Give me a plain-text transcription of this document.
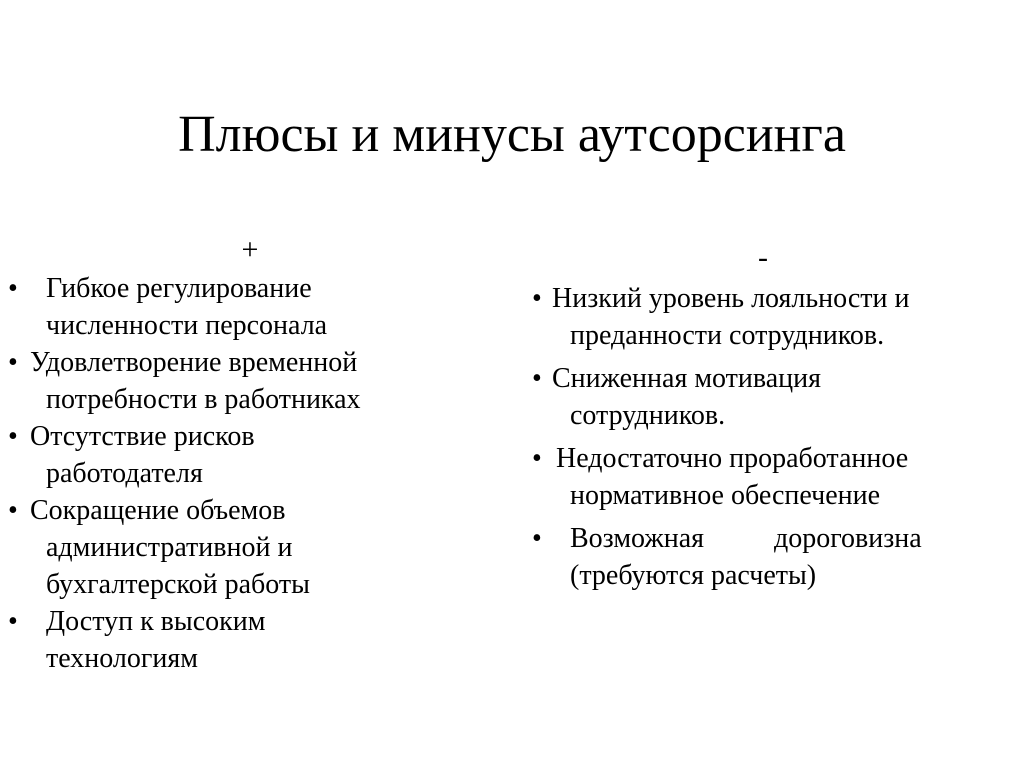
Плюсы и минусы аутсорсинга
+	-
• Гибкое регулирование
численности персонала
• Удовлетворение временной
потребности в работниках
• Отсутствие рисков
работодателя
• Сокращение объемов
административной и
бухгалтерской работы
• Доступ к высоким
технологиям
• Низкий уровень лояльности и
преданности сотрудников.
• Сниженная мотивация
сотрудников.
• Недостаточно проработанное
нормативное обеспечение
• Возможная          дороговизна
(требуются расчеты)
